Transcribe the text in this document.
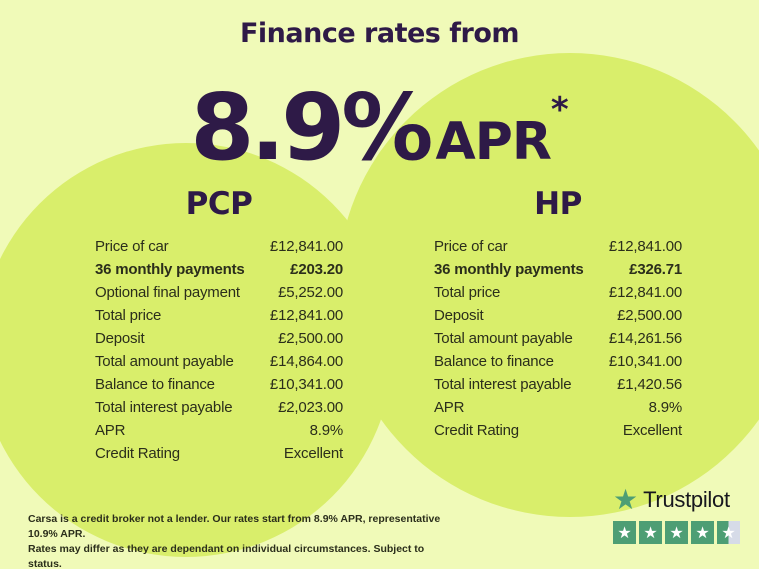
Finance rates from
8.9% APR*
PCP	HP
Price of car	£12,841.00
36 monthly payments	£203.20
Optional final payment	£5,252.00
Total price	£12,841.00
Deposit	£2,500.00
Total amount payable £14,864.00
Balance to finance	£10,341.00
Total interest payable	£2,023.00
APR	8.9%
Credit Rating	Excellent
Price of car	£12,841.00
36 monthly payments	£326.71
Total price	£12,841.00
Deposit	£2,500.00
Total amount payable £14,261.56
Balance to finance	£10,341.00
Total interest payable	£1,420.56
APR	8.9%
Credit Rating	Excellent
Carsa is a credit broker not a lender. Our rates start from 8.9% APR, representative 10.9% APR.
Rates may differ as they are dependant on individual circumstances. Subject to status.
★ Trustpilot
★ ★ ★ ★ ★
